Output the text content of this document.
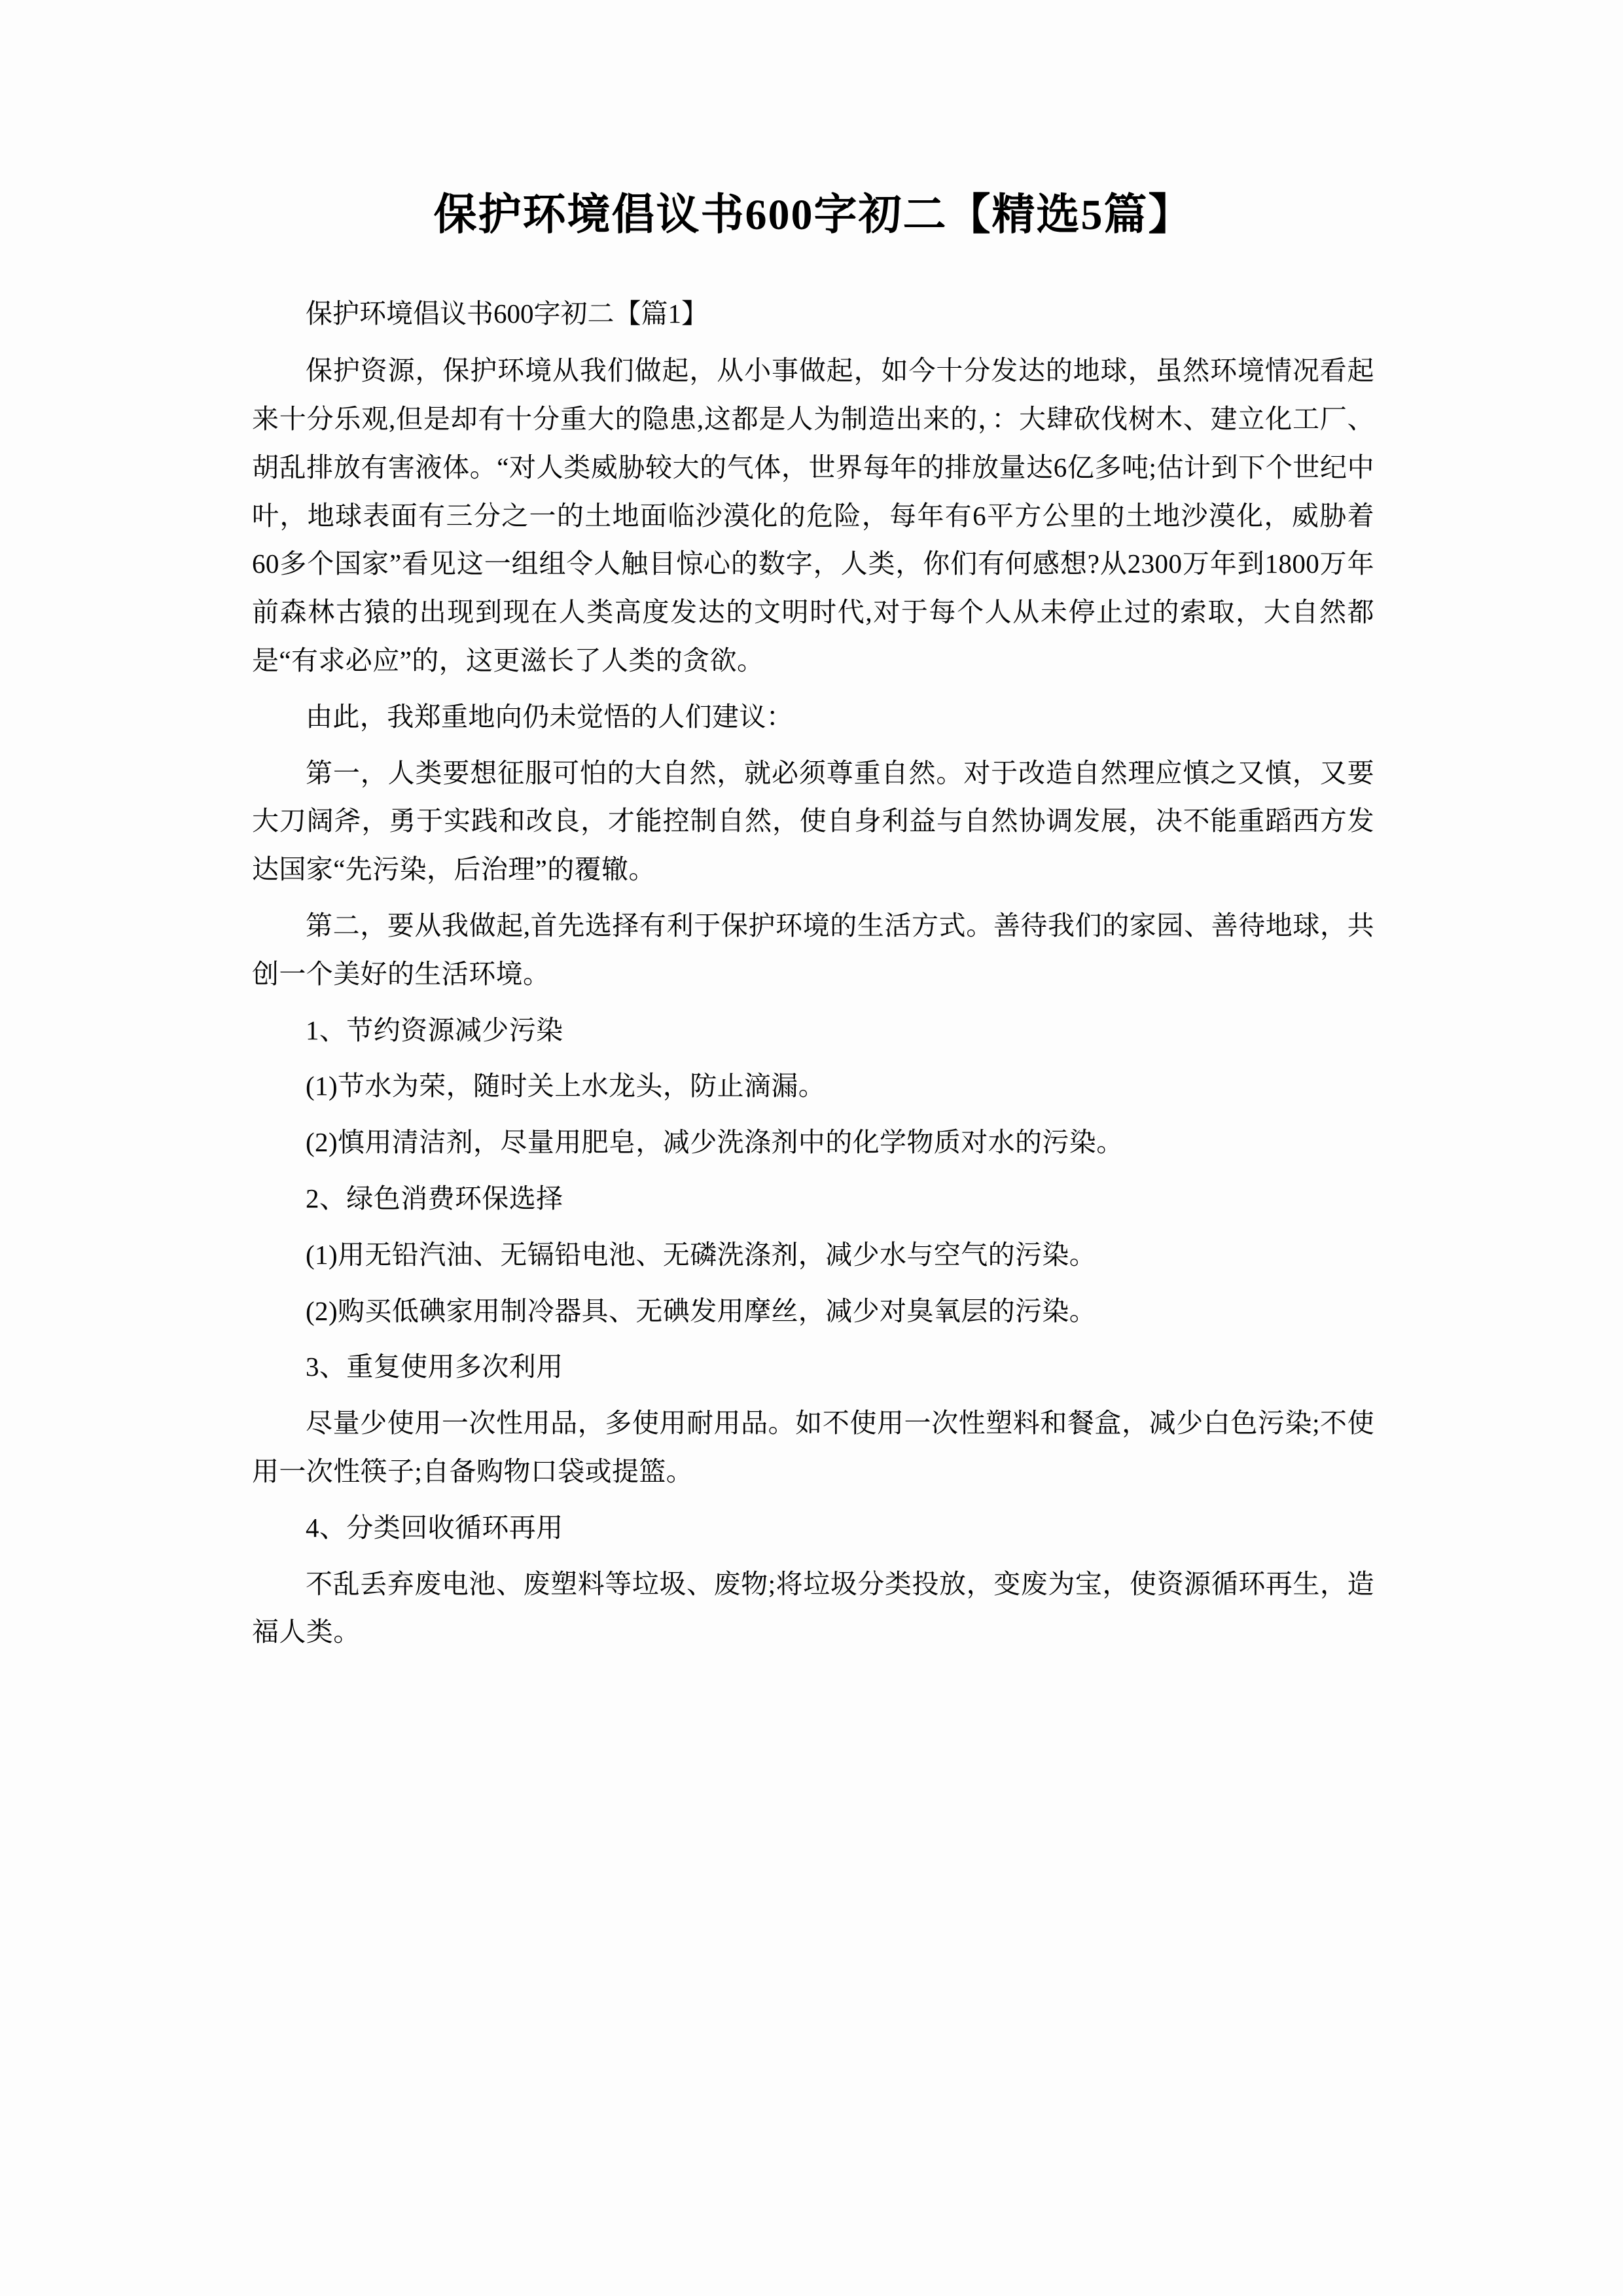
保护环境倡议书600字初二【精选5篇】

保护环境倡议书600字初二【篇1】

保护资源，保护环境从我们做起，从小事做起，如今十分发达的地球，虽然环境情况看起来十分乐观,但是却有十分重大的隐患,这都是人为制造出来的，：大肆砍伐树木、建立化工厂、胡乱排放有害液体。“对人类威胁较大的气体，世界每年的排放量达6亿多吨;估计到下个世纪中叶，地球表面有三分之一的土地面临沙漠化的危险，每年有6平方公里的土地沙漠化，威胁着60多个国家”看见这一组组令人触目惊心的数字，人类，你们有何感想?从2300万年到1800万年前森林古猿的出现到现在人类高度发达的文明时代,对于每个人从未停止过的索取，大自然都是“有求必应”的，这更滋长了人类的贪欲。

由此，我郑重地向仍未觉悟的人们建议：

第一，人类要想征服可怕的大自然，就必须尊重自然。对于改造自然理应慎之又慎，又要大刀阔斧，勇于实践和改良，才能控制自然，使自身利益与自然协调发展，决不能重蹈西方发达国家“先污染，后治理”的覆辙。

第二，要从我做起,首先选择有利于保护环境的生活方式。善待我们的家园、善待地球，共创一个美好的生活环境。

1、节约资源减少污染

(1)节水为荣，随时关上水龙头，防止滴漏。

(2)慎用清洁剂，尽量用肥皂，减少洗涤剂中的化学物质对水的污染。

2、绿色消费环保选择

(1)用无铅汽油、无镉铅电池、无磷洗涤剂，减少水与空气的污染。

(2)购买低碘家用制冷器具、无碘发用摩丝，减少对臭氧层的污染。

3、重复使用多次利用

尽量少使用一次性用品，多使用耐用品。如不使用一次性塑料和餐盒，减少白色污染;不使用一次性筷子;自备购物口袋或提篮。

4、分类回收循环再用

不乱丢弃废电池、废塑料等垃圾、废物;将垃圾分类投放，变废为宝，使资源循环再生，造福人类。
